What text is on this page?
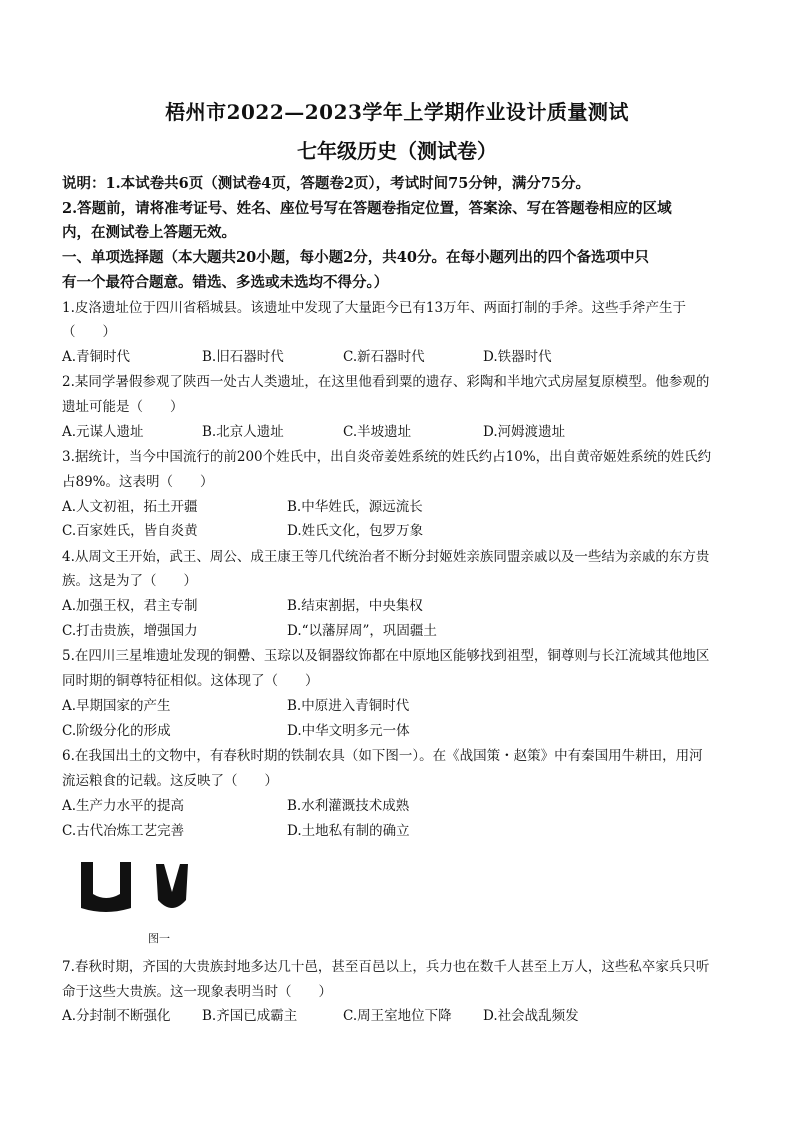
梧州市2022—2023学年上学期作业设计质量测试
七年级历史（测试卷）
说明：1.本试卷共6页（测试卷4页，答题卷2页），考试时间75分钟，满分75分。
2.答题前，请将准考证号、姓名、座位号写在答题卷指定位置，答案涂、写在答题卷相应的区域
内，在测试卷上答题无效。
一、单项选择题（本大题共20小题，每小题2分，共40分。在每小题列出的四个备选项中只
有一个最符合题意。错选、多选或未选均不得分。）
1.皮洛遗址位于四川省稻城县。该遗址中发现了大量距今已有13万年、两面打制的手斧。这些手斧产生于
（　　）
A.青铜时代	B.旧石器时代	C.新石器时代	D.铁器时代
2.某同学暑假参观了陕西一处古人类遗址，在这里他看到粟的遗存、彩陶和半地穴式房屋复原模型。他参观的
遗址可能是（　　）
A.元谋人遗址	B.北京人遗址	C.半坡遗址	D.河姆渡遗址
3.据统计，当今中国流行的前200个姓氏中，出自炎帝姜姓系统的姓氏约占10%，出自黄帝姬姓系统的姓氏约
占89%。这表明（　　）
A.人文初祖，拓土开疆	B.中华姓氏，源远流长
C.百家姓氏，皆自炎黄	D.姓氏文化，包罗万象
4.从周文王开始，武王、周公、成王康王等几代统治者不断分封姬姓亲族同盟亲戚以及一些结为亲戚的东方贵
族。这是为了（　　）
A.加强王权，君主专制	B.结束割据，中央集权
C.打击贵族，增强国力	D.“以藩屏周”，巩固疆土
5.在四川三星堆遗址发现的铜罍、玉琮以及铜器纹饰都在中原地区能够找到祖型，铜尊则与长江流域其他地区
同时期的铜尊特征相似。这体现了（　　）
A.早期国家的产生	B.中原进入青铜时代
C.阶级分化的形成	D.中华文明多元一体
6.在我国出土的文物中，有春秋时期的铁制农具（如下图一）。在《战国策・赵策》中有秦国用牛耕田，用河
流运粮食的记载。这反映了（　　）
A.生产力水平的提高	B.水利灌溉技术成熟
C.古代冶炼工艺完善	D.土地私有制的确立
图一
7.春秋时期，齐国的大贵族封地多达几十邑，甚至百邑以上，兵力也在数千人甚至上万人，这些私卒家兵只听
命于这些大贵族。这一现象表明当时（　　）
A.分封制不断强化 B.齐国已成霸主	C.周王室地位下降 D.社会战乱频发
